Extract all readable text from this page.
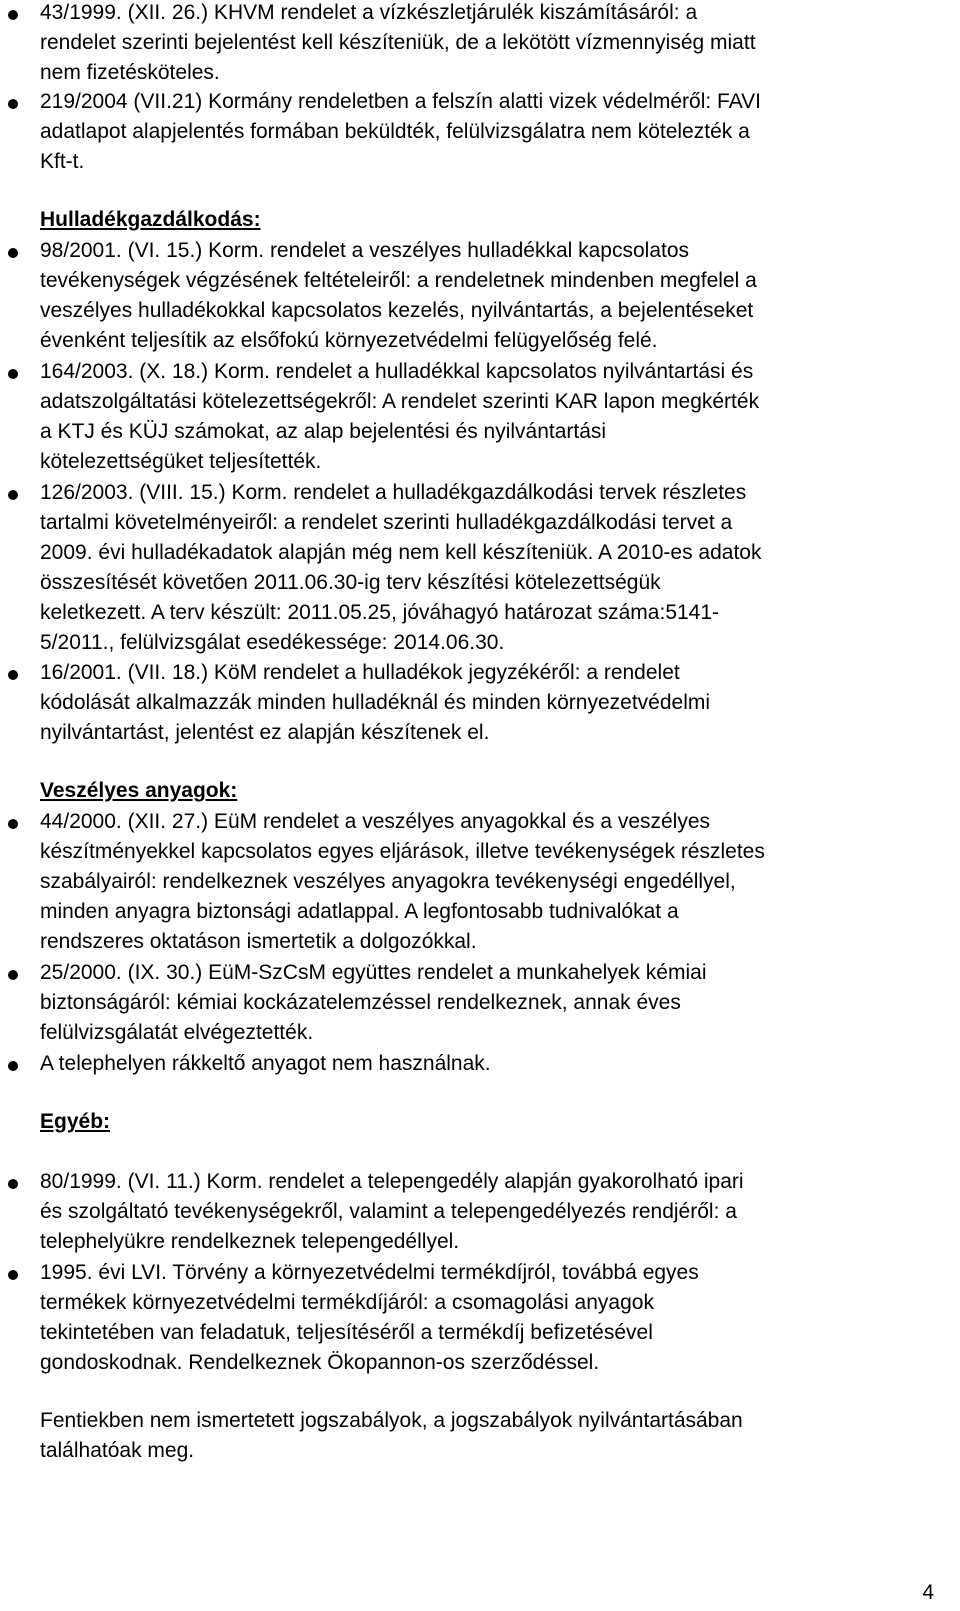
43/1999. (XII. 26.) KHVM rendelet a vízkészletjárulék kiszámításáról: a
rendelet szerinti bejelentést kell készíteniük, de a lekötött vízmennyiség miatt
nem fizetésköteles.
219/2004 (VII.21) Kormány rendeletben a felszín alatti vizek védelméről: FAVI
adatlapot alapjelentés formában beküldték, felülvizsgálatra nem kötelezték a
Kft-t.
Hulladékgazdálkodás:
98/2001. (VI. 15.) Korm. rendelet a veszélyes hulladékkal kapcsolatos
tevékenységek végzésének feltételeiről: a rendeletnek mindenben megfelel a
veszélyes hulladékokkal kapcsolatos kezelés, nyilvántartás, a bejelentéseket
évenként teljesítik az elsőfokú környezetvédelmi felügyelőség felé.
164/2003. (X. 18.) Korm. rendelet a hulladékkal kapcsolatos nyilvántartási és
adatszolgáltatási kötelezettségekről: A rendelet szerinti KAR lapon megkérték
a KTJ és KÜJ számokat, az alap bejelentési és nyilvántartási
kötelezettségüket teljesítették.
126/2003. (VIII. 15.) Korm. rendelet a hulladékgazdálkodási tervek részletes
tartalmi követelményeiről: a rendelet szerinti hulladékgazdálkodási tervet a
2009. évi hulladékadatok alapján még nem kell készíteniük. A 2010-es adatok
összesítését követően 2011.06.30-ig terv készítési kötelezettségük
keletkezett. A terv készült: 2011.05.25, jóváhagyó határozat száma:5141-
5/2011., felülvizsgálat esedékessége: 2014.06.30.
16/2001. (VII. 18.) KöM rendelet a hulladékok jegyzékéről: a rendelet
kódolását alkalmazzák minden hulladéknál és minden környezetvédelmi
nyilvántartást, jelentést ez alapján készítenek el.
Veszélyes anyagok:
44/2000. (XII. 27.) EüM rendelet a veszélyes anyagokkal és a veszélyes
készítményekkel kapcsolatos egyes eljárások, illetve tevékenységek részletes
szabályairól: rendelkeznek veszélyes anyagokra tevékenységi engedéllyel,
minden anyagra biztonsági adatlappal. A legfontosabb tudnivalókat a
rendszeres oktatáson ismertetik a dolgozókkal.
25/2000. (IX. 30.) EüM-SzCsM együttes rendelet a munkahelyek kémiai
biztonságáról: kémiai kockázatelemzéssel rendelkeznek, annak éves
felülvizsgálatát elvégeztették.
A telephelyen rákkeltő anyagot nem használnak.
Egyéb:
80/1999. (VI. 11.) Korm. rendelet a telepengedély alapján gyakorolható ipari
és szolgáltató tevékenységekről, valamint a telepengedélyezés rendjéről: a
telephelyükre rendelkeznek telepengedéllyel.
1995. évi LVI. Törvény a környezetvédelmi termékdíjról, továbbá egyes
termékek környezetvédelmi termékdíjáról: a csomagolási anyagok
tekintetében van feladatuk, teljesítéséről a termékdíj befizetésével
gondoskodnak. Rendelkeznek Ökopannon-os szerződéssel.
Fentiekben nem ismertetett jogszabályok, a jogszabályok nyilvántartásában
találhatóak meg.
4
